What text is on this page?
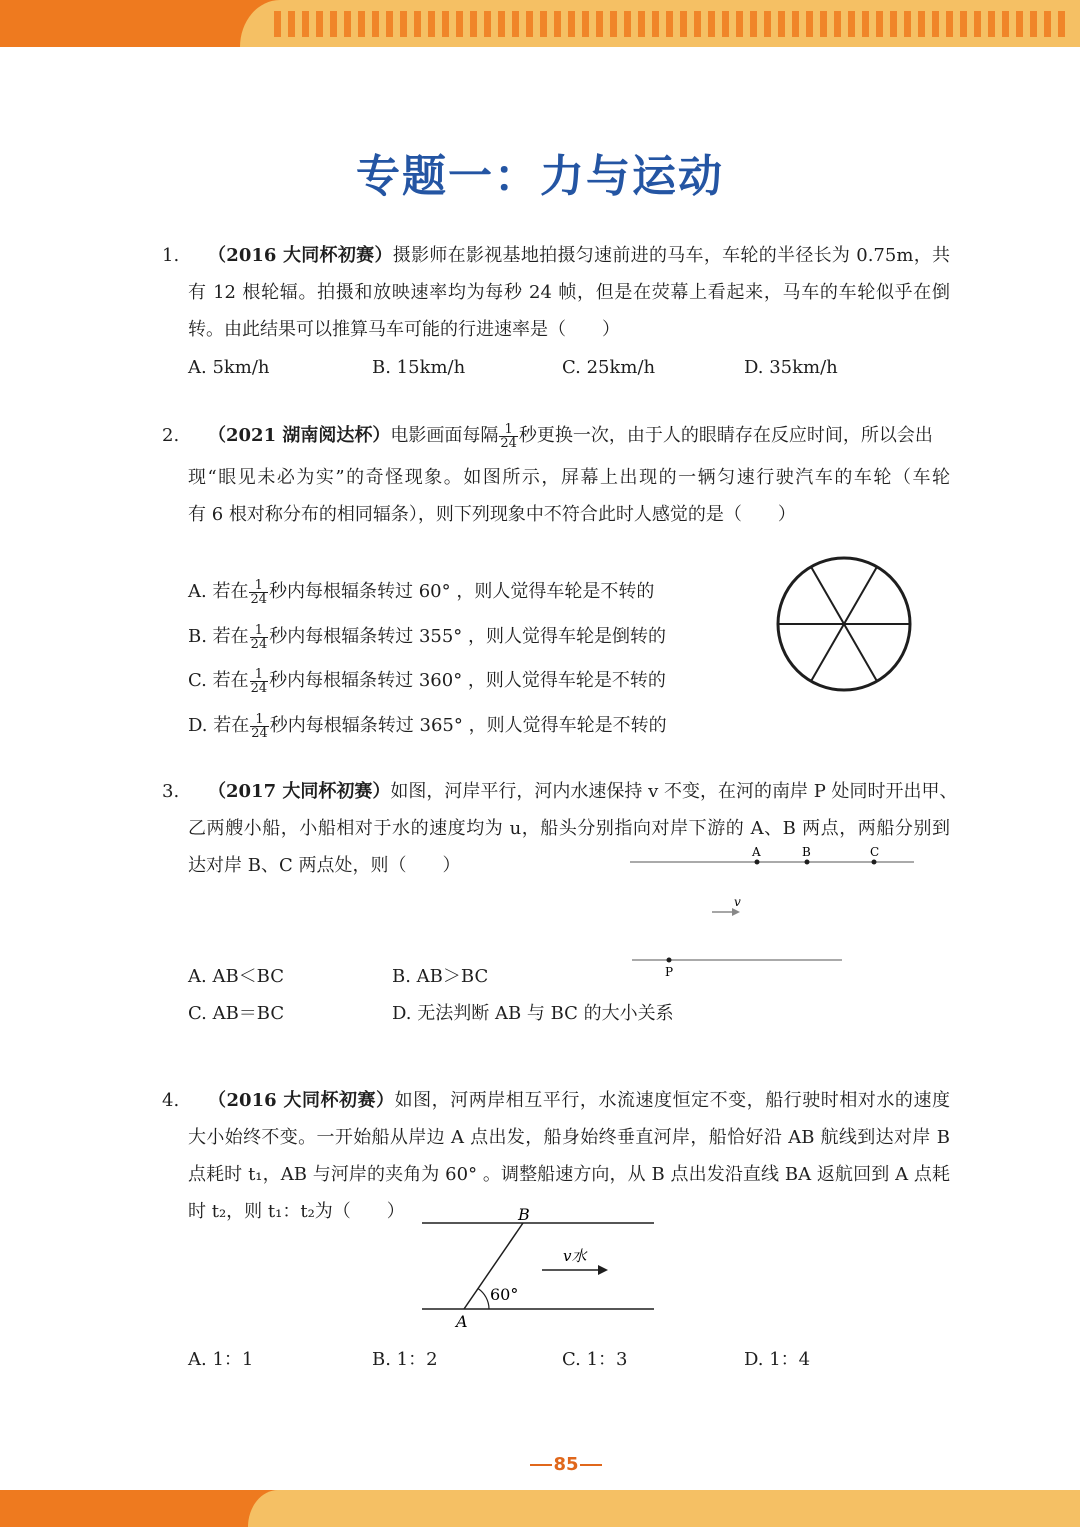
专题一：力与运动
1. （2016 大同杯初赛）摄影师在影视基地拍摄匀速前进的马车，车轮的半径长为 0.75m，共
有 12 根轮辐。拍摄和放映速率均为每秒 24 帧，但是在荧幕上看起来，马车的车轮似乎在倒
转。由此结果可以推算马车可能的行进速率是（　　）
A. 5km/h	B. 15km/h	C. 25km/h	D. 35km/h
2. （2021 湖南阅达杯）电影画面每隔 $\frac{1}{24}$ 秒更换一次，由于人的眼睛存在反应时间，所以会出
现“眼见未必为实”的奇怪现象。如图所示，屏幕上出现的一辆匀速行驶汽车的车轮（车轮
有 6 根对称分布的相同辐条），则下列现象中不符合此时人感觉的是（　　）
A. 若在 $\frac{1}{24}$ 秒内每根辐条转过 60° ，则人觉得车轮是不转的
B. 若在 $\frac{1}{24}$ 秒内每根辐条转过 355° ，则人觉得车轮是倒转的
C. 若在 $\frac{1}{24}$ 秒内每根辐条转过 360° ，则人觉得车轮是不转的
D. 若在 $\frac{1}{24}$ 秒内每根辐条转过 365° ，则人觉得车轮是不转的
3. （2017 大同杯初赛）如图，河岸平行，河内水速保持 v 不变，在河的南岸 P 处同时开出甲、
乙两艘小船，小船相对于水的速度均为 u，船头分别指向对岸下游的 A、B 两点，两船分别到
达对岸 B、C 两点处，则（　　）
A	B	C
v
P
A. AB＜BC	B. AB＞BC
C. AB＝BC	D. 无法判断 AB 与 BC 的大小关系
4. （2016 大同杯初赛）如图，河两岸相互平行，水流速度恒定不变，船行驶时相对水的速度
大小始终不变。一开始船从岸边 A 点出发，船身始终垂直河岸，船恰好沿 AB 航线到达对岸 B
点耗时 t₁，AB 与河岸的夹角为 60° 。调整船速方向，从 B 点出发沿直线 BA 返航回到 A 点耗
时 t₂，则 t₁：t₂为（　　）
60°
B
A
v水
A. 1：1	B. 1：2	C. 1：3	D. 1：4
85
